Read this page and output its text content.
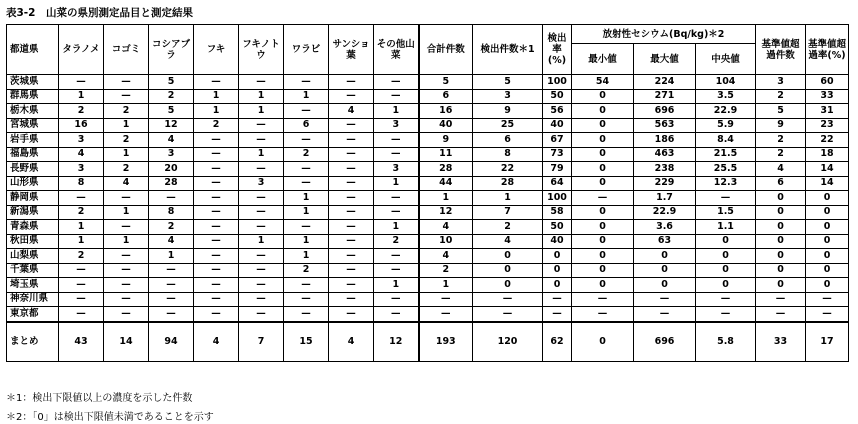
表3-2　山菜の県別測定品目と測定結果
都道県	タラノメ	コゴミ	コシアブラ	フキ	フキノトウ	ワラビ	サンショ葉	その他山菜	合計件数	検出件数＊1	検出率(%)	放射性セシウム(Bq/kg)＊2			基準値超過件数	基準値超過率(%)
												最小値	最大値	中央値		
茨城県	—	—	5	—	—	—	—	—	5	5	100	54	224	104	3	60
群馬県	1	—	2	1	1	1	—	—	6	3	50	0	271	3.5	2	33
栃木県	2	2	5	1	1	—	4	1	16	9	56	0	696	22.9	5	31
宮城県	16	1	12	2	—	6	—	3	40	25	40	0	563	5.9	9	23
岩手県	3	2	4	—	—	—	—	—	9	6	67	0	186	8.4	2	22
福島県	4	1	3	—	1	2	—	—	11	8	73	0	463	21.5	2	18
長野県	3	2	20	—	—	—	—	3	28	22	79	0	238	25.5	4	14
山形県	8	4	28	—	3	—	—	1	44	28	64	0	229	12.3	6	14
静岡県	—	—	—	—	—	1	—	—	1	1	100	—	1.7	—	0	0
新潟県	2	1	8	—	—	1	—	—	12	7	58	0	22.9	1.5	0	0
青森県	1	—	2	—	—	—	—	1	4	2	50	0	3.6	1.1	0	0
秋田県	1	1	4	—	1	1	—	2	10	4	40	0	63	0	0	0
山梨県	2	—	1	—	—	1	—	—	4	0	0	0	0	0	0	0
千葉県	—	—	—	—	—	2	—	—	2	0	0	0	0	0	0	0
埼玉県	—	—	—	—	—	—	—	1	1	0	0	0	0	0	0	0
神奈川県	—	—	—	—	—	—	—	—	—	—	—	—	—	—	—	—
東京都	—	—	—	—	—	—	—	—	—	—	—	—	—	—	—	—
まとめ	43	14	94	4	7	15	4	12	193	120	62	0	696	5.8	33	17
＊1：検出下限値以上の濃度を示した件数
＊2：「0」は検出下限値未満であることを示す
